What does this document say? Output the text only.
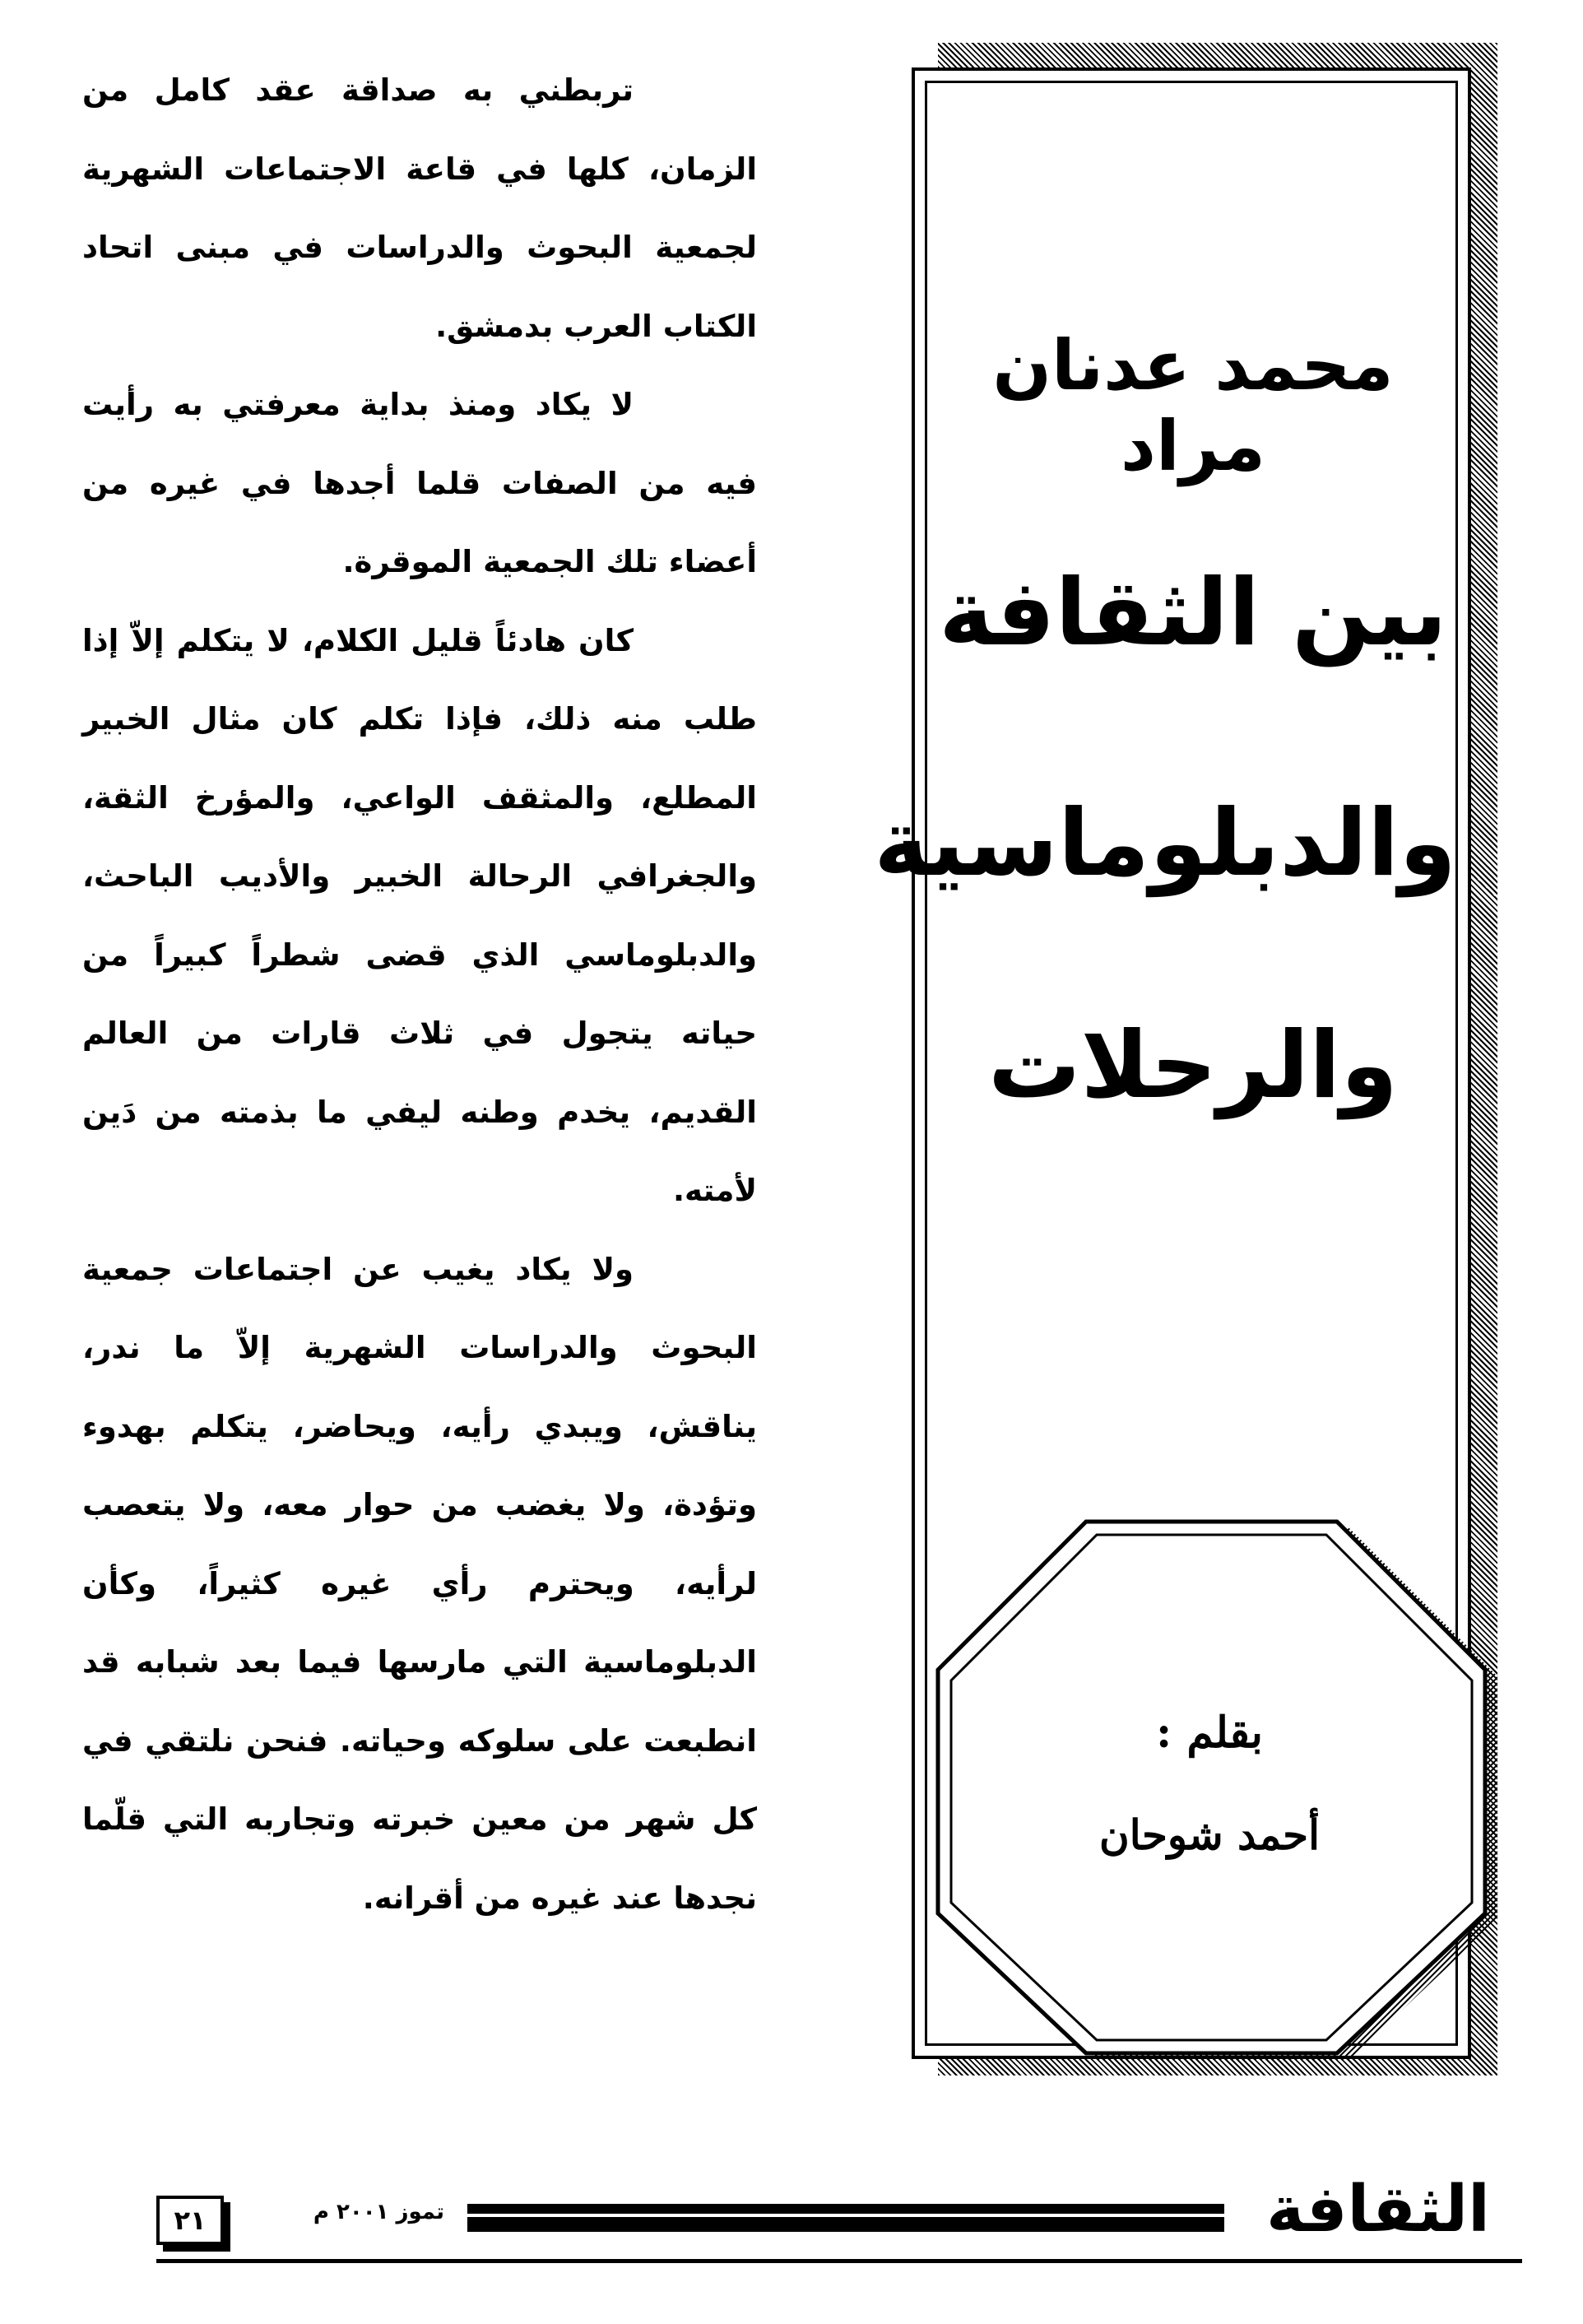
تربطني به صداقة عقد كامل من الزمان، كلها في قاعة الاجتماعات الشهرية لجمعية البحوث والدراسات في مبنى اتحاد الكتاب العرب بدمشق.

لا يكاد ومنذ بداية معرفتي به رأيت فيه من الصفات قلما أجدها في غيره من أعضاء تلك الجمعية الموقرة.

كان هادئاً قليل الكلام، لا يتكلم إلاّ إذا طلب منه ذلك، فإذا تكلم كان مثال الخبير المطلع، والمثقف الواعي، والمؤرخ الثقة، والجغرافي الرحالة الخبير والأديب الباحث، والدبلوماسي الذي قضى شطراً كبيراً من حياته يتجول في ثلاث قارات من العالم القديم، يخدم وطنه ليفي ما بذمته من دَين لأمته.

ولا يكاد يغيب عن اجتماعات جمعية البحوث والدراسات الشهرية إلاّ ما ندر، يناقش، ويبدي رأيه، ويحاضر، يتكلم بهدوء وتؤدة، ولا يغضب من حوار معه، ولا يتعصب لرأيه، ويحترم رأي غيره كثيراً، وكأن الدبلوماسية التي مارسها فيما بعد شبابه قد انطبعت على سلوكه وحياته. فنحن نلتقي في كل شهر من معين خبرته وتجاربه التي قلّما نجدها عند غيره من أقرانه.

محمد عدنان مراد
بين الثقافة
والدبلوماسية
والرحلات
بقلم :
أحمد شوحان
تموز ٢٠٠١ م
٢١	الثقافة
